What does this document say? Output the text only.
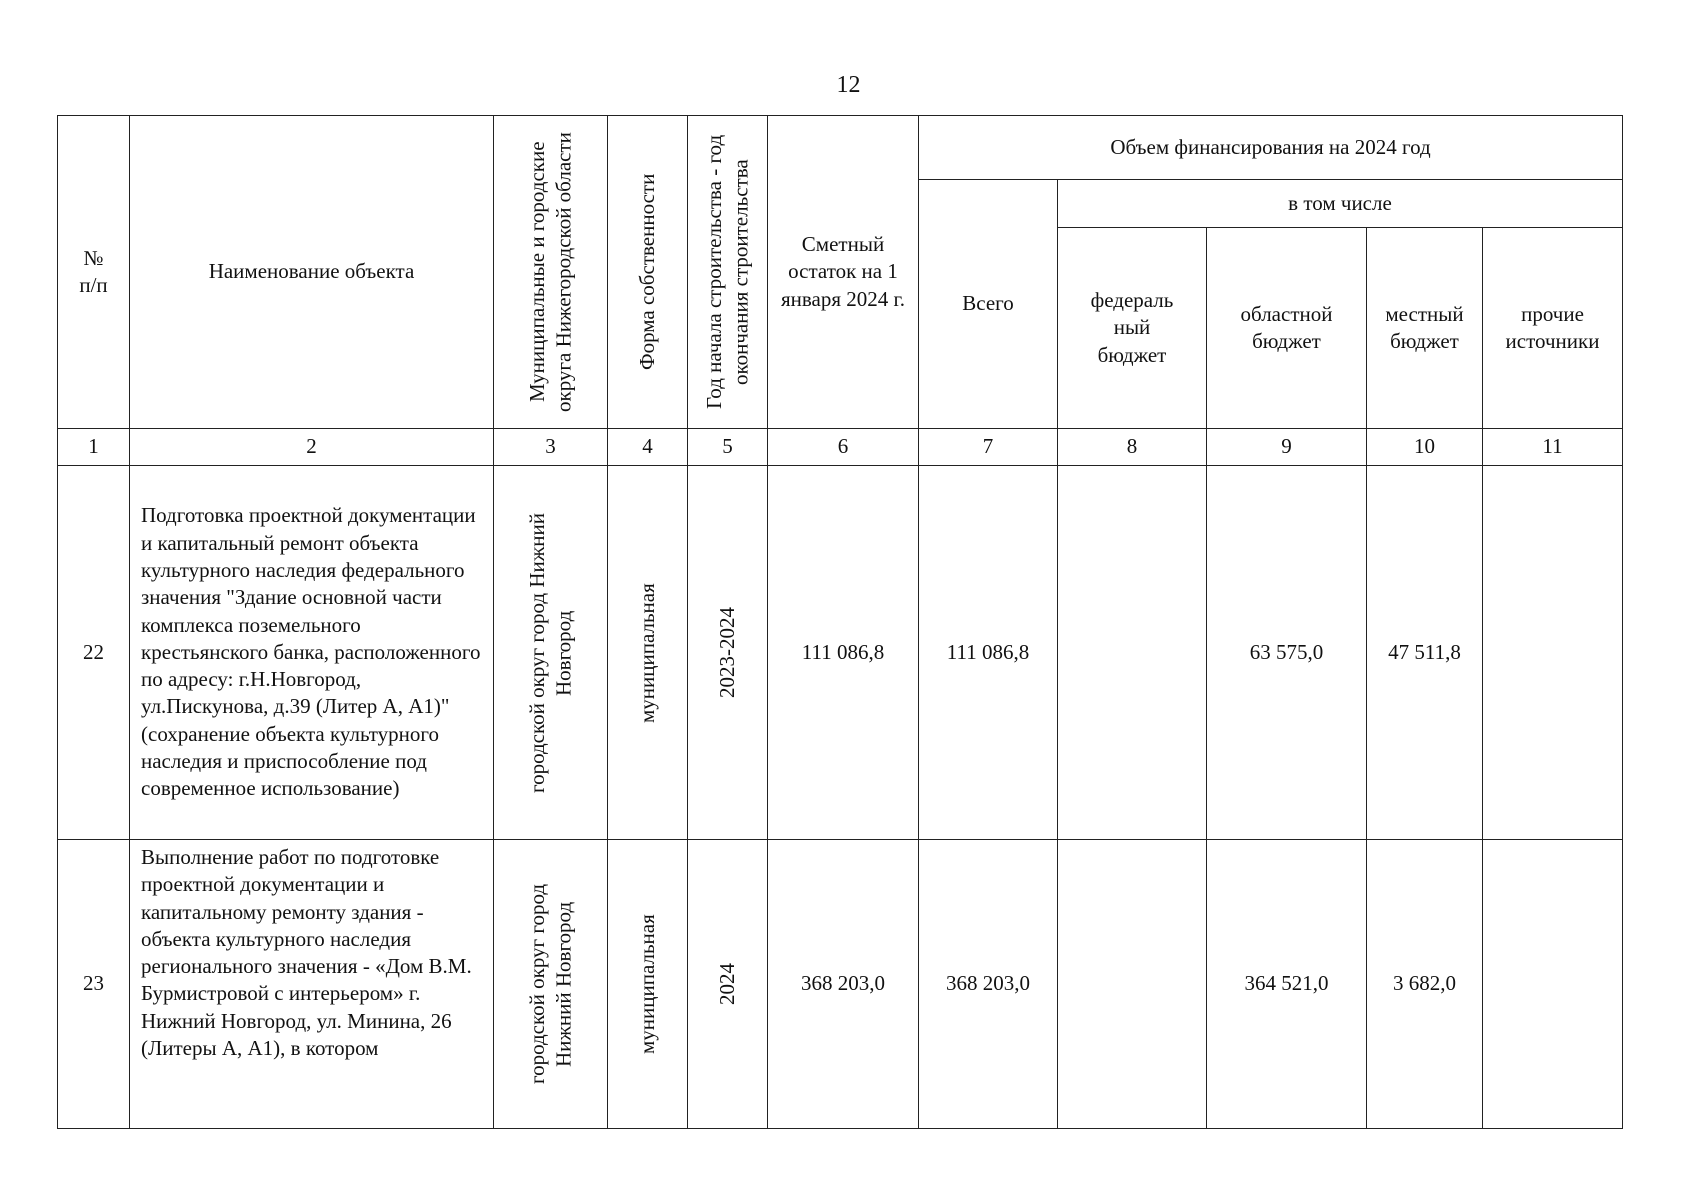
12
№ п/п	Наименование объекта	Муниципальные и городские округа Нижегородской области	Форма собственности	Год начала строительства - год окончания строительства	Сметный остаток на 1 января 2024 г.	Объем финансирования на 2024 год				
						Всего	в том числе			

							федераль ный бюджет	областной бюджет	местный бюджет	прочие источники

1	2	3	4	5	6	7	8	9	10	11
22	Подготовка проектной документации и капитальный ремонт объекта культурного наследия федерального значения "Здание основной части комплекса поземельного крестьянского банка, расположенного по адресу: г.Н.Новгород, ул.Пискунова, д.39 (Литер А, А1)" (сохранение объекта культурного наследия и приспособление под современное использование)	городской округ город Нижний Новгород	муниципальная	2023-2024	111 086,8	111 086,8		63 575,0	47 511,8	
23	Выполнение работ по подготовке проектной документации и капитальному ремонту здания - объекта культурного наследия регионального значения - «Дом В.М. Бурмистровой с интерьером» г. Нижний Новгород, ул. Минина, 26 (Литеры А, А1), в котором	городской округ город Нижний Новгород	муниципальная	2024	368 203,0	368 203,0		364 521,0	3 682,0	
